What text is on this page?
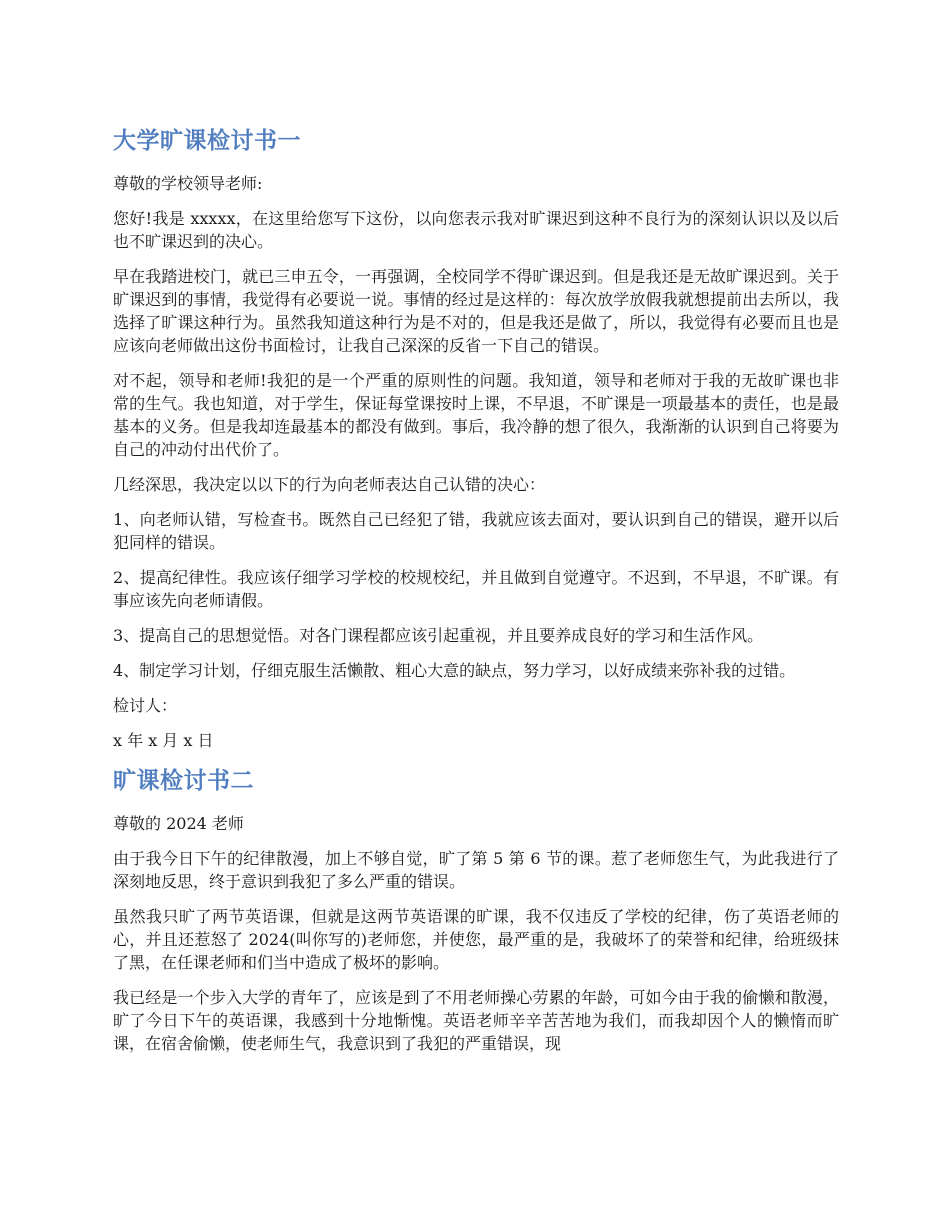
大学旷课检讨书一

尊敬的学校领导老师:

您好!我是 xxxxx，在这里给您写下这份，以向您表示我对旷课迟到这种不良行为的深刻认识以及以后也不旷课迟到的决心。

早在我踏进校门，就已三申五令，一再强调，全校同学不得旷课迟到。但是我还是无故旷课迟到。关于旷课迟到的事情，我觉得有必要说一说。事情的经过是这样的：每次放学放假我就想提前出去所以，我选择了旷课这种行为。虽然我知道这种行为是不对的，但是我还是做了，所以，我觉得有必要而且也是应该向老师做出这份书面检讨，让我自己深深的反省一下自己的错误。

对不起，领导和老师!我犯的是一个严重的原则性的问题。我知道，领导和老师对于我的无故旷课也非常的生气。我也知道，对于学生，保证每堂课按时上课，不早退，不旷课是一项最基本的责任，也是最基本的义务。但是我却连最基本的都没有做到。事后，我冷静的想了很久，我渐渐的认识到自己将要为自己的冲动付出代价了。

几经深思，我决定以以下的行为向老师表达自己认错的决心：

1、向老师认错，写检查书。既然自己已经犯了错，我就应该去面对，要认识到自己的错误，避开以后犯同样的错误。

2、提高纪律性。我应该仔细学习学校的校规校纪，并且做到自觉遵守。不迟到，不早退，不旷课。有事应该先向老师请假。

3、提高自己的思想觉悟。对各门课程都应该引起重视，并且要养成良好的学习和生活作风。

4、制定学习计划，仔细克服生活懒散、粗心大意的缺点，努力学习，以好成绩来弥补我的过错。

检讨人：

x 年 x 月 x 日

旷课检讨书二

尊敬的 2024 老师

由于我今日下午的纪律散漫，加上不够自觉，旷了第 5 第 6 节的课。惹了老师您生气，为此我进行了深刻地反思，终于意识到我犯了多么严重的错误。

虽然我只旷了两节英语课，但就是这两节英语课的旷课，我不仅违反了学校的纪律，伤了英语老师的心，并且还惹怒了 2024(叫你写的)老师您，并使您，最严重的是，我破坏了的荣誉和纪律，给班级抹了黑，在任课老师和们当中造成了极坏的影响。

我已经是一个步入大学的青年了，应该是到了不用老师操心劳累的年龄，可如今由于我的偷懒和散漫，旷了今日下午的英语课，我感到十分地惭愧。英语老师辛辛苦苦地为我们，而我却因个人的懒惰而旷课，在宿舍偷懒，使老师生气，我意识到了我犯的严重错误，现
